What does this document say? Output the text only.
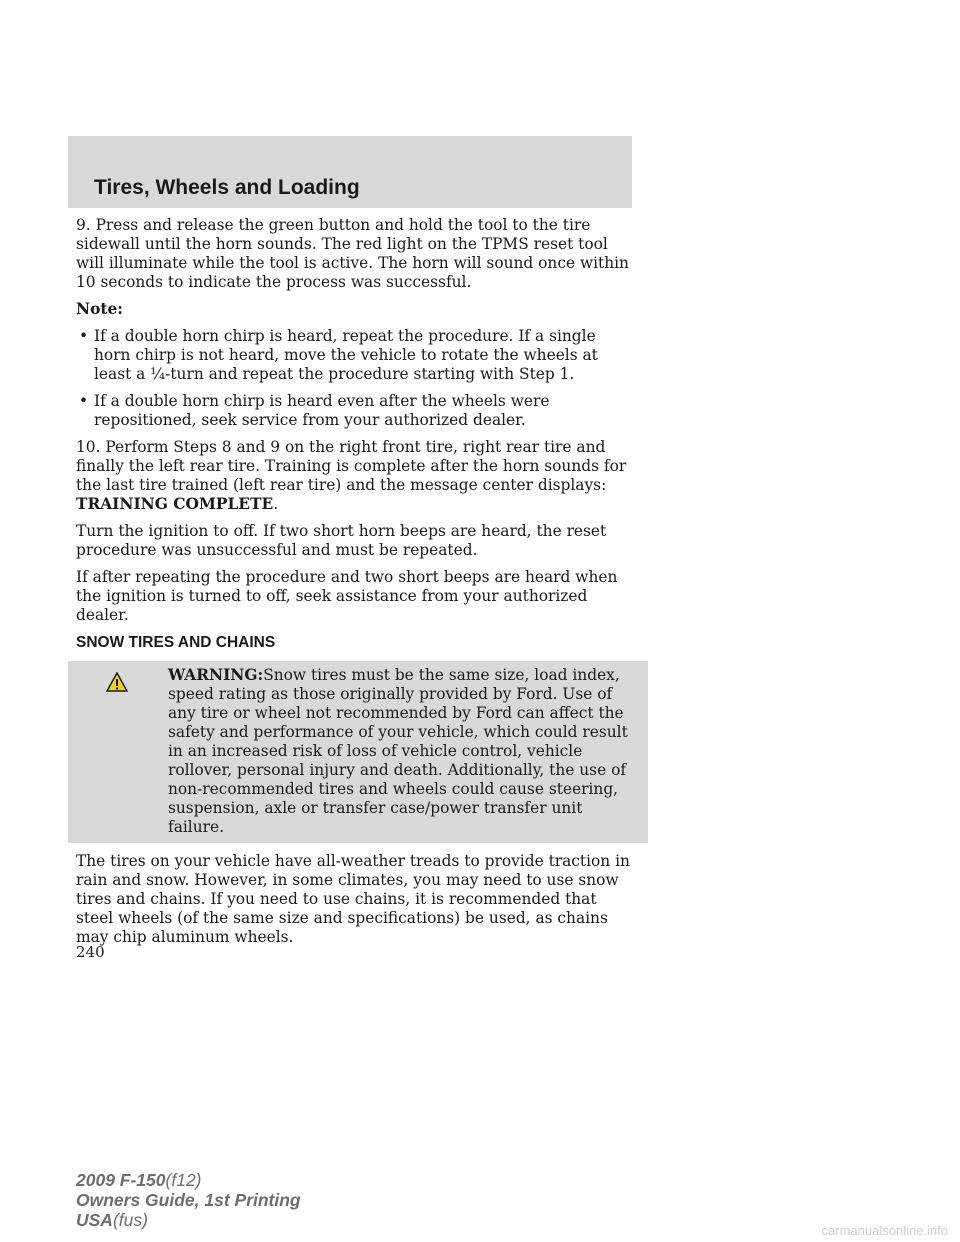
Tires, Wheels and Loading

9. Press and release the green button and hold the tool to the tire sidewall until the horn sounds. The red light on the TPMS reset tool will illuminate while the tool is active. The horn will sound once within 10 seconds to indicate the process was successful.

Note:

• If a double horn chirp is heard, repeat the procedure. If a single horn chirp is not heard, move the vehicle to rotate the wheels at least a ¼-turn and repeat the procedure starting with Step 1.
• If a double horn chirp is heard even after the wheels were repositioned, seek service from your authorized dealer.

10. Perform Steps 8 and 9 on the right front tire, right rear tire and finally the left rear tire. Training is complete after the horn sounds for the last tire trained (left rear tire) and the message center displays:
TRAINING COMPLETE.

Turn the ignition to off. If two short horn beeps are heard, the reset procedure was unsuccessful and must be repeated.

If after repeating the procedure and two short beeps are heard when the ignition is turned to off, seek assistance from your authorized dealer.

SNOW TIRES AND CHAINS
WARNING:Snow tires must be the same size, load index, speed rating as those originally provided by Ford. Use of any tire or wheel not recommended by Ford can affect the safety and performance of your vehicle, which could result in an increased risk of loss of vehicle control, vehicle rollover, personal injury and death. Additionally, the use of non-recommended tires and wheels could cause steering, suspension, axle or transfer case/power transfer unit failure.

The tires on your vehicle have all-weather treads to provide traction in rain and snow. However, in some climates, you may need to use snow tires and chains. If you need to use chains, it is recommended that steel wheels (of the same size and specifications) be used, as chains may chip aluminum wheels.

240
2009 F-150(f12)
Owners Guide, 1st Printing
USA(fus)
carmanualsonline.info
